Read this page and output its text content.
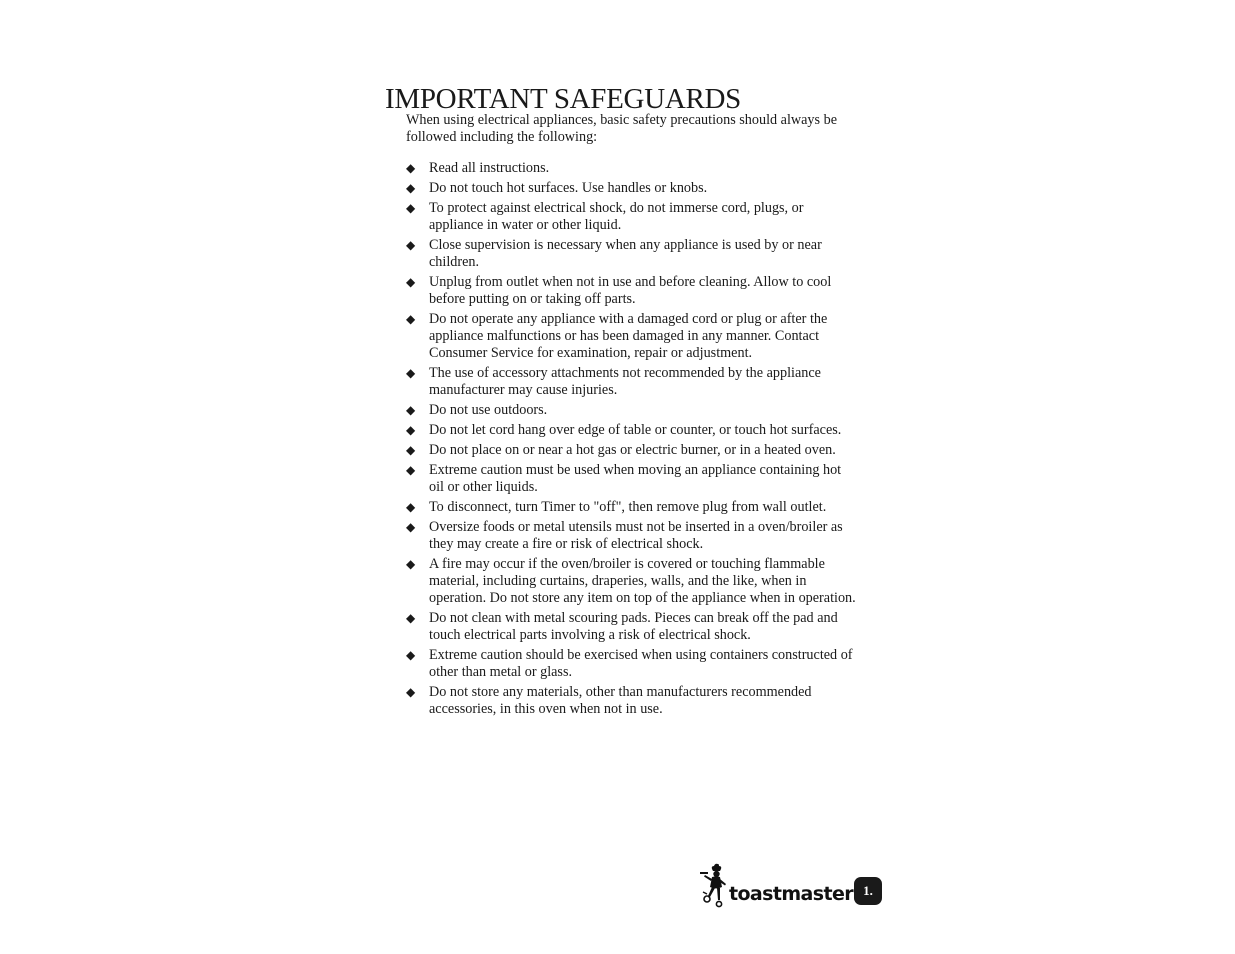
IMPORTANT SAFEGUARDS

When using electrical appliances, basic safety precautions should always be followed including the following:

◆ Read all instructions.
◆ Do not touch hot surfaces. Use handles or knobs.
◆ To protect against electrical shock, do not immerse cord, plugs, or appliance in water or other liquid.
◆ Close supervision is necessary when any appliance is used by or near children.
◆ Unplug from outlet when not in use and before cleaning. Allow to cool before putting on or taking off parts.
◆ Do not operate any appliance with a damaged cord or plug or after the appliance malfunctions or has been damaged in any manner. Contact Consumer Service for examination, repair or adjustment.
◆ The use of accessory attachments not recommended by the appliance manufacturer may cause injuries.
◆ Do not use outdoors.
◆ Do not let cord hang over edge of table or counter, or touch hot surfaces.
◆ Do not place on or near a hot gas or electric burner, or in a heated oven.
◆ Extreme caution must be used when moving an appliance containing hot oil or other liquids.
◆ To disconnect, turn Timer to "off", then remove plug from wall outlet.
◆ Oversize foods or metal utensils must not be inserted in a oven/broiler as they may create a fire or risk of electrical shock.
◆ A fire may occur if the oven/broiler is covered or touching flammable material, including curtains, draperies, walls, and the like, when in operation. Do not store any item on top of the appliance when in operation.
◆ Do not clean with metal scouring pads. Pieces can break off the pad and touch electrical parts involving a risk of electrical shock.
◆ Extreme caution should be exercised when using containers constructed of other than metal or glass.
◆ Do not store any materials, other than manufacturers recommended accessories, in this oven when not in use.
toastmaster 1.
